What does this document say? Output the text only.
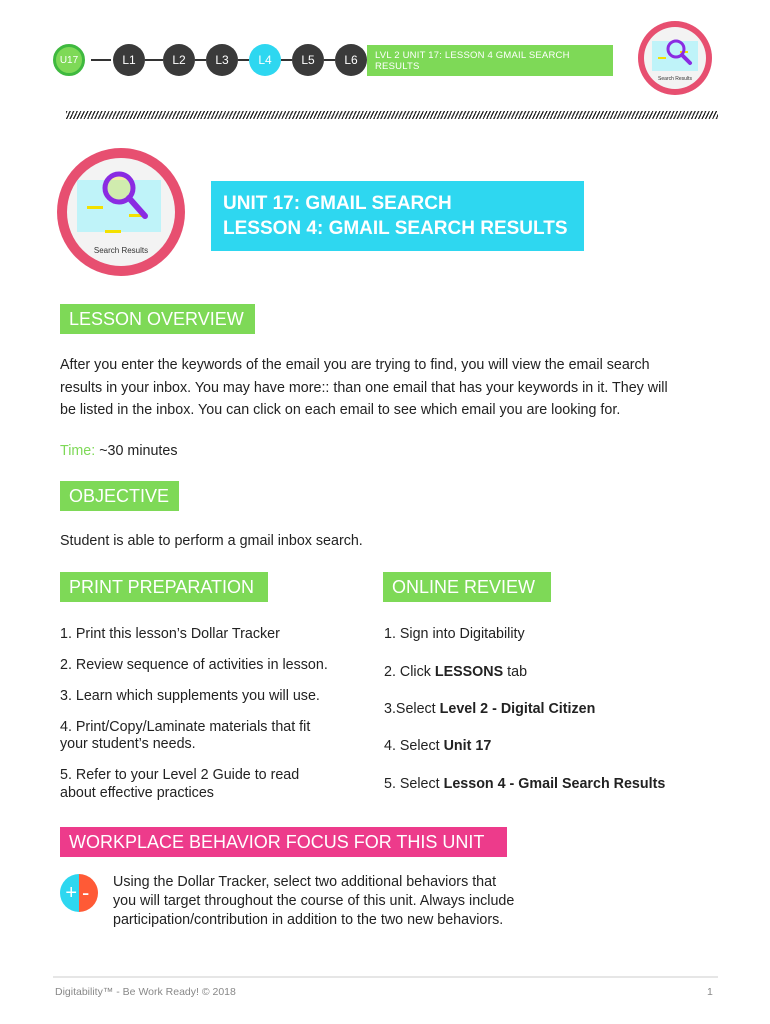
U17	L1	L2	L3	L4	L5	L6	LVL 2 UNIT 17: LESSON 4 GMAIL SEARCH RESULTS
Search Results
Search Results
UNIT 17: GMAIL SEARCH
LESSON 4: GMAIL SEARCH RESULTS
LESSON OVERVIEW
After you enter the keywords of the email you are trying to find, you will view the email search
results in your inbox. You may have more:: than one email that has your keywords in it. They will
be listed in the inbox. You can click on each email to see which email you are looking for.
Time: ~30 minutes
OBJECTIVE
Student is able to perform a gmail inbox search.
PRINT PREPARATION
1. Print this lesson’s Dollar Tracker
2. Review sequence of activities in lesson.
3. Learn which supplements you will use.
4. Print/Copy/Laminate materials that fit
your student’s needs.
5. Refer to your Level 2 Guide to read
about effective practices
ONLINE REVIEW
1. Sign into Digitability
2. Click LESSONS tab
3.Select Level 2 - Digital Citizen
4. Select Unit 17
5. Select Lesson 4 - Gmail Search Results
WORKPLACE BEHAVIOR FOCUS FOR THIS UNIT
+ -	Using the Dollar Tracker, select two additional behaviors that
you will target throughout the course of this unit. Always include
participation/contribution in addition to the two new behaviors.
Digitability™ - Be Work Ready! © 2018	1
